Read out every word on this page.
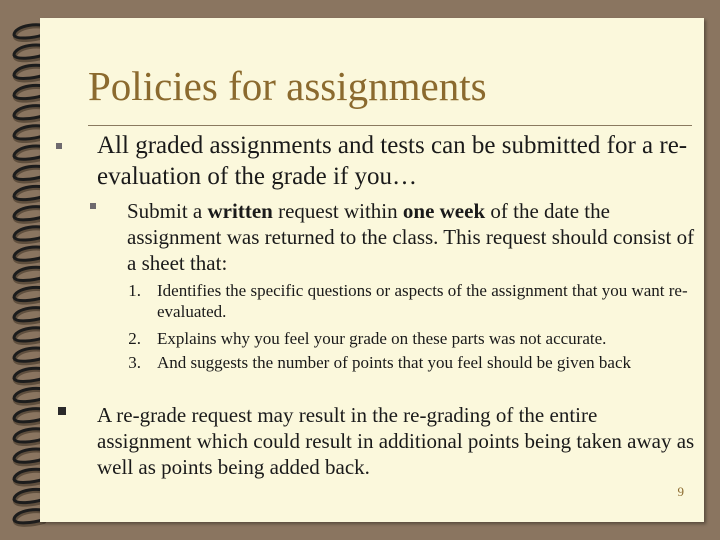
Policies for assignments
All graded assignments and tests can be submitted for a re-evaluation of the grade if you…
Submit a written request within one week of the date the assignment was returned to the class. This request should consist of a sheet that:
1. Identifies the specific questions or aspects of the assignment that you want re-evaluated.
2. Explains why you feel your grade on these parts was not accurate.
3. And suggests the number of points that you feel should be given back
A re-grade request may result in the re-grading of the entire assignment which could result in additional points being taken away as well as points being added back.
9
